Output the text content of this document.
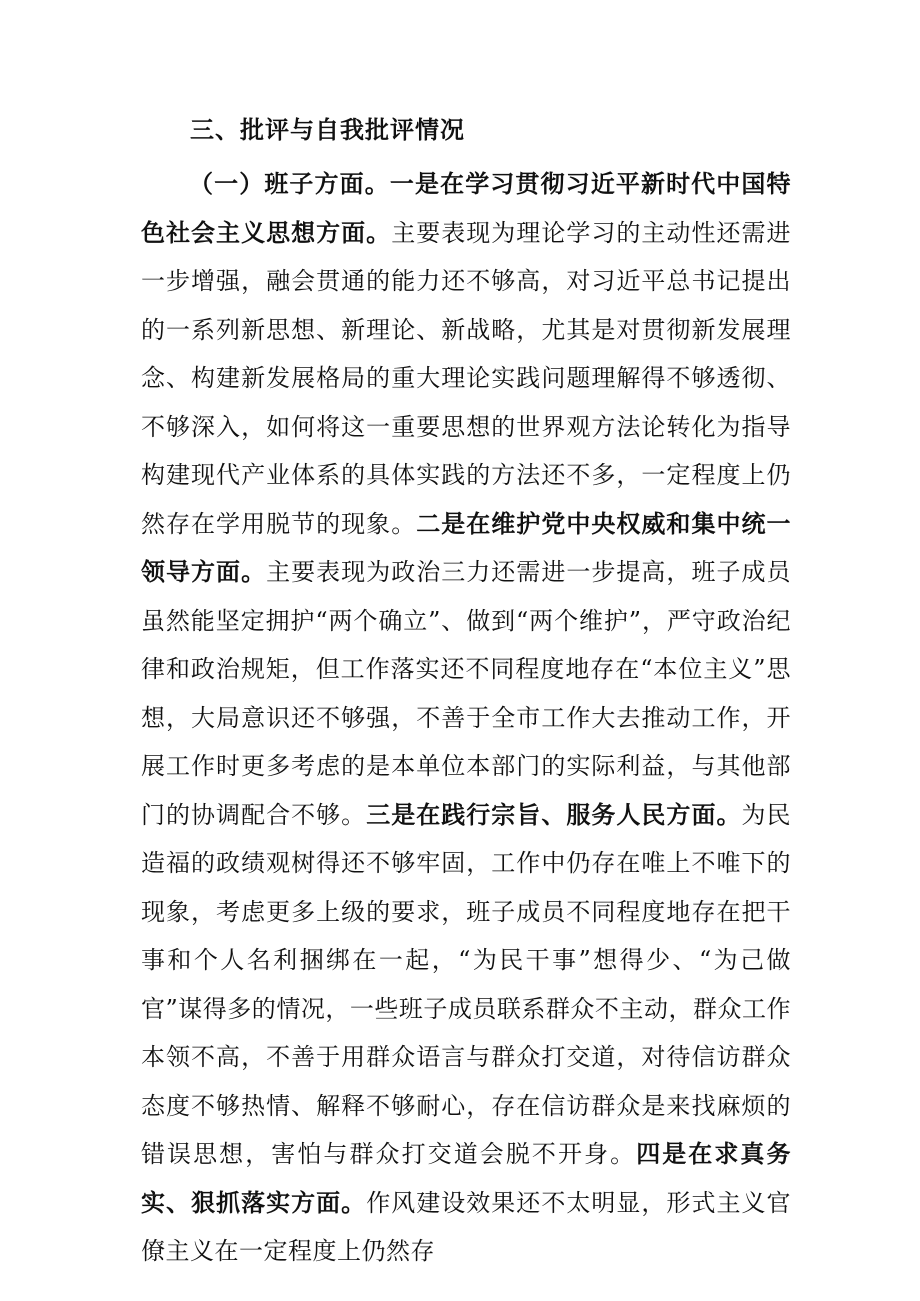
三、批评与自我批评情况

（一）班子方面。一是在学习贯彻习近平新时代中国特色社会主义思想方面。主要表现为理论学习的主动性还需进一步增强，融会贯通的能力还不够高，对习近平总书记提出的一系列新思想、新理论、新战略，尤其是对贯彻新发展理念、构建新发展格局的重大理论实践问题理解得不够透彻、不够深入，如何将这一重要思想的世界观方法论转化为指导构建现代产业体系的具体实践的方法还不多，一定程度上仍然存在学用脱节的现象。二是在维护党中央权威和集中统一领导方面。主要表现为政治三力还需进一步提高，班子成员虽然能坚定拥护“两个确立”、做到“两个维护”，严守政治纪律和政治规矩，但工作落实还不同程度地存在“本位主义”思想，大局意识还不够强，不善于全市工作大去推动工作，开展工作时更多考虑的是本单位本部门的实际利益，与其他部门的协调配合不够。三是在践行宗旨、服务人民方面。为民造福的政绩观树得还不够牢固，工作中仍存在唯上不唯下的现象，考虑更多上级的要求，班子成员不同程度地存在把干事和个人名利捆绑在一起，“为民干事”想得少、“为己做官”谋得多的情况，一些班子成员联系群众不主动，群众工作本领不高，不善于用群众语言与群众打交道，对待信访群众态度不够热情、解释不够耐心，存在信访群众是来找麻烦的错误思想，害怕与群众打交道会脱不开身。四是在求真务实、狠抓落实方面。作风建设效果还不太明显，形式主义官僚主义在一定程度上仍然存
